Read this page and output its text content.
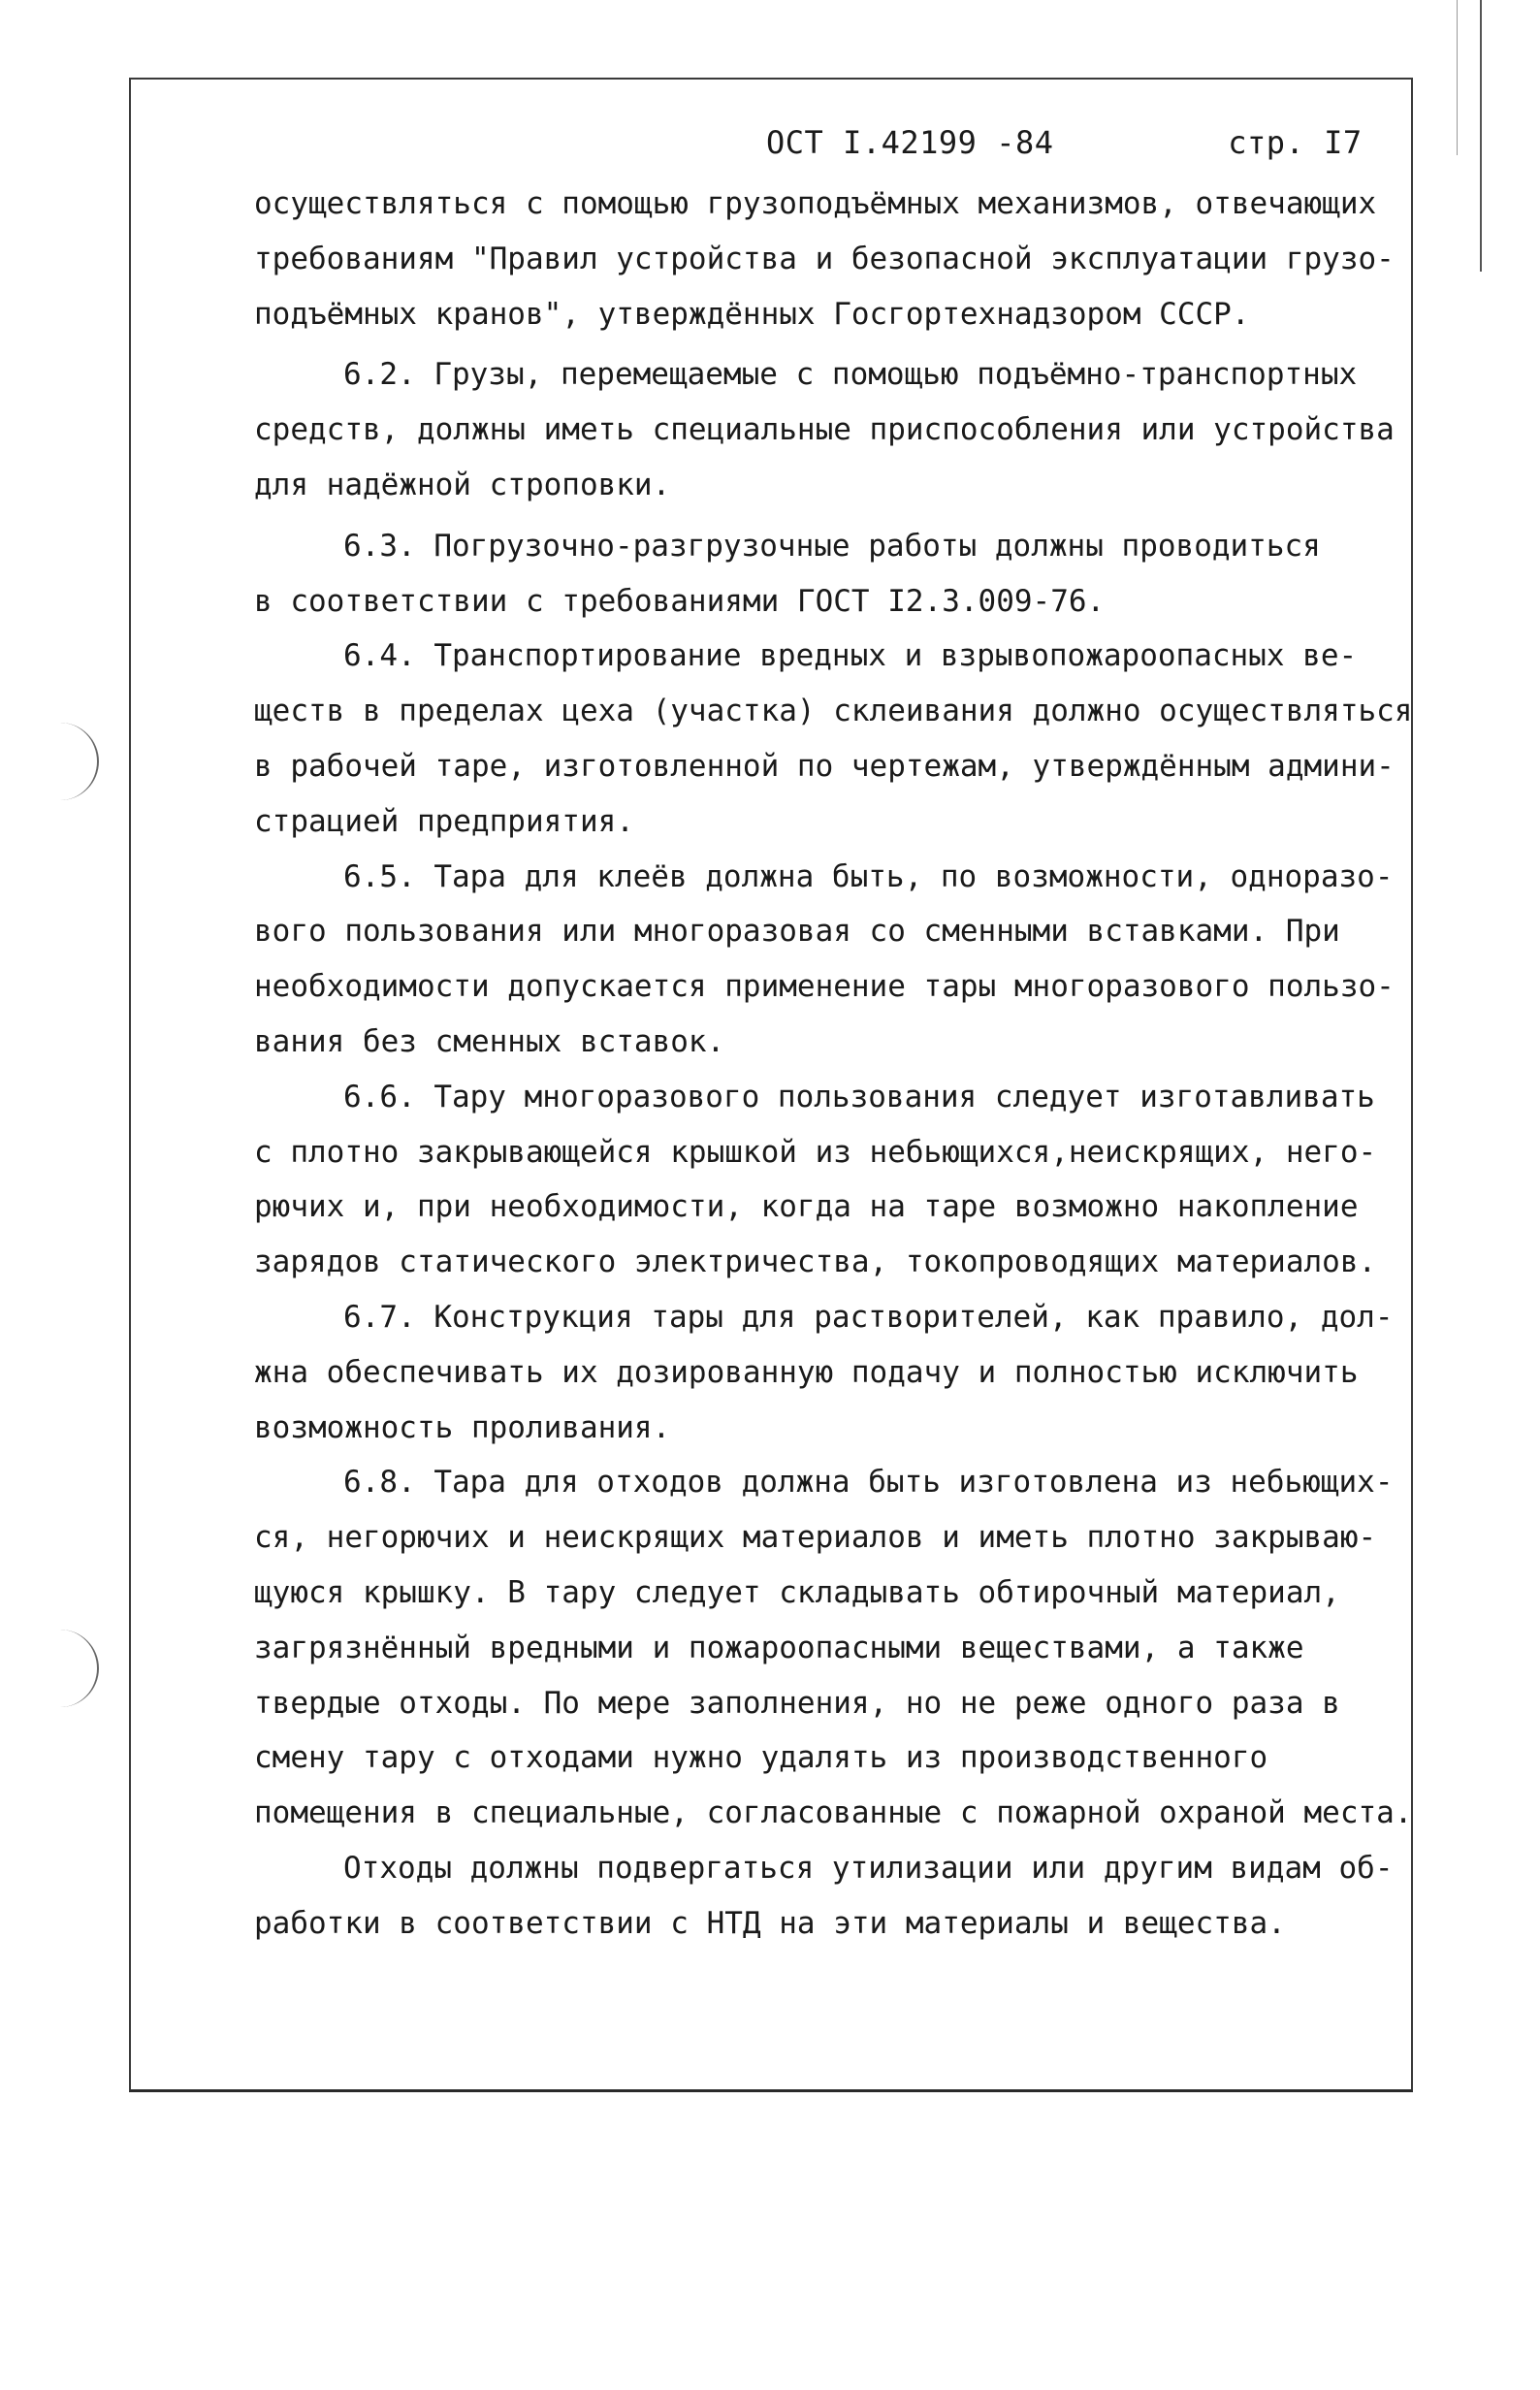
ОСТ I.42199 -84	стр. I7
осуществляться с помощью грузоподъёмных механизмов, отвечающих
требованиям "Правил устройства и безопасной эксплуатации грузо-
подъёмных кранов", утверждённых Госгортехнадзором СССР.
6.2. Грузы, перемещаемые с помощью подъёмно-транспортных
средств, должны иметь специальные приспособления или устройства
для надёжной строповки.
6.3. Погрузочно-разгрузочные работы должны проводиться
в соответствии с требованиями ГОСТ I2.3.009-76.
6.4. Транспортирование вредных и взрывопожароопасных ве-
ществ в пределах цеха (участка) склеивания должно осуществляться
в рабочей таре, изготовленной по чертежам, утверждённым админи-
страцией предприятия.
6.5. Тара для клеёв должна быть, по возможности, одноразо-
вого пользования или многоразовая со сменными вставками. При
необходимости допускается применение тары многоразового пользо-
вания без сменных вставок.
6.6. Тару многоразового пользования следует изготавливать
с плотно закрывающейся крышкой из небьющихся,неискрящих, него-
рючих и, при необходимости, когда на таре возможно накопление
зарядов статического электричества, токопроводящих материалов.
6.7. Конструкция тары для растворителей, как правило, дол-
жна обеспечивать их дозированную подачу и полностью исключить
возможность проливания.
6.8. Тара для отходов должна быть изготовлена из небьющих-
ся, негорючих и неискрящих материалов и иметь плотно закрываю-
щуюся крышку. В тару следует складывать обтирочный материал,
загрязнённый вредными и пожароопасными веществами, а также
твердые отходы. По мере заполнения, но не реже одного раза в
смену тару с отходами нужно удалять из производственного
помещения в специальные, согласованные с пожарной охраной места.
Отходы должны подвергаться утилизации или другим видам об-
работки в соответствии с НТД на эти материалы и вещества.
